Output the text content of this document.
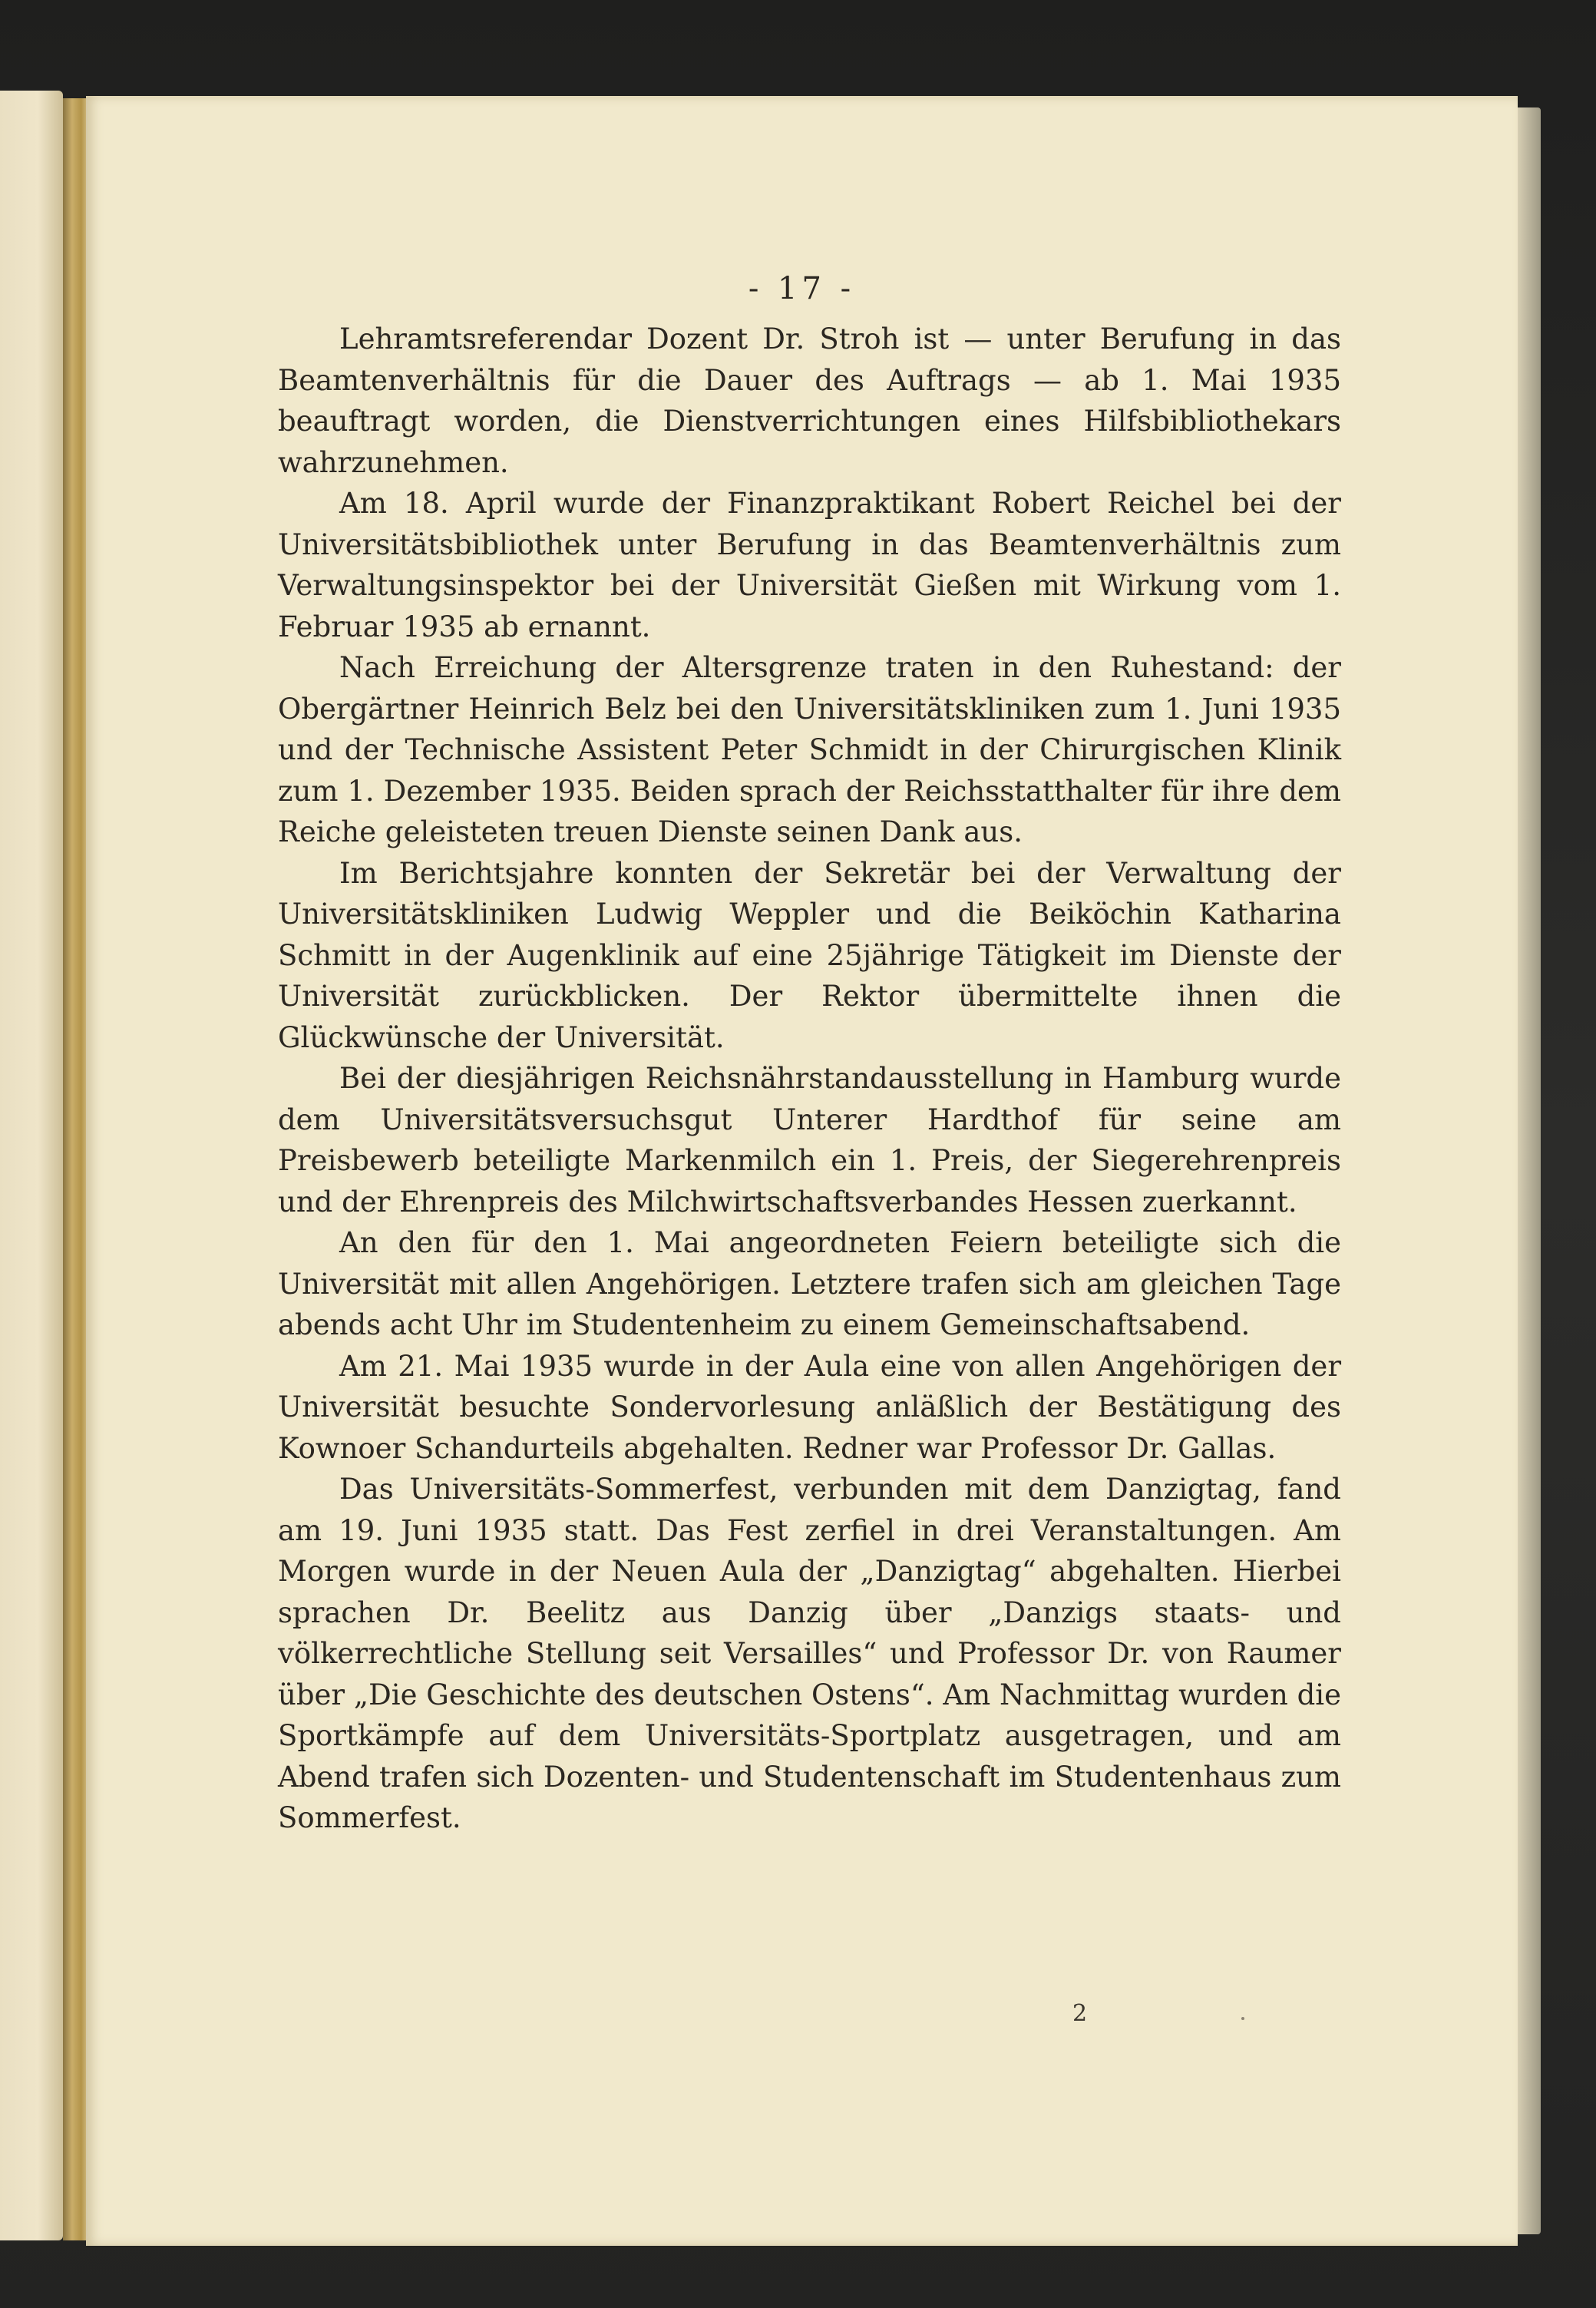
- 17 -

Lehramtsreferendar Dozent Dr. Stroh ist — unter Berufung in das Beamtenverhältnis für die Dauer des Auftrags — ab 1. Mai 1935 beauftragt worden, die Dienstverrichtungen eines Hilfsbibliothekars wahrzunehmen.

Am 18. April wurde der Finanzpraktikant Robert Reichel bei der Universitätsbibliothek unter Berufung in das Beamtenverhältnis zum Verwaltungsinspektor bei der Universität Gießen mit Wirkung vom 1. Februar 1935 ab ernannt.

Nach Erreichung der Altersgrenze traten in den Ruhestand: der Obergärtner Heinrich Belz bei den Universitätskliniken zum 1. Juni 1935 und der Technische Assistent Peter Schmidt in der Chirurgischen Klinik zum 1. Dezember 1935. Beiden sprach der Reichsstatthalter für ihre dem Reiche geleisteten treuen Dienste seinen Dank aus.

Im Berichtsjahre konnten der Sekretär bei der Verwaltung der Universitätskliniken Ludwig Weppler und die Beiköchin Katharina Schmitt in der Augenklinik auf eine 25jährige Tätigkeit im Dienste der Universität zurückblicken. Der Rektor übermittelte ihnen die Glückwünsche der Universität.

Bei der diesjährigen Reichsnährstandausstellung in Hamburg wurde dem Universitätsversuchsgut Unterer Hardthof für seine am Preisbewerb beteiligte Markenmilch ein 1. Preis, der Siegerehrenpreis und der Ehrenpreis des Milchwirtschaftsverbandes Hessen zuerkannt.

An den für den 1. Mai angeordneten Feiern beteiligte sich die Universität mit allen Angehörigen. Letztere trafen sich am gleichen Tage abends acht Uhr im Studentenheim zu einem Gemeinschaftsabend.

Am 21. Mai 1935 wurde in der Aula eine von allen Angehörigen der Universität besuchte Sondervorlesung anläßlich der Bestätigung des Kownoer Schandurteils abgehalten. Redner war Professor Dr. Gallas.

Das Universitäts-Sommerfest, verbunden mit dem Danzigtag, fand am 19. Juni 1935 statt. Das Fest zerfiel in drei Veranstaltungen. Am Morgen wurde in der Neuen Aula der „Danzigtag“ abgehalten. Hierbei sprachen Dr. Beelitz aus Danzig über „Danzigs staats- und völkerrechtliche Stellung seit Versailles“ und Professor Dr. von Raumer über „Die Geschichte des deutschen Ostens“. Am Nachmittag wurden die Sportkämpfe auf dem Universitäts-Sportplatz ausgetragen, und am Abend trafen sich Dozenten- und Studentenschaft im Studentenhaus zum Sommerfest.

2
